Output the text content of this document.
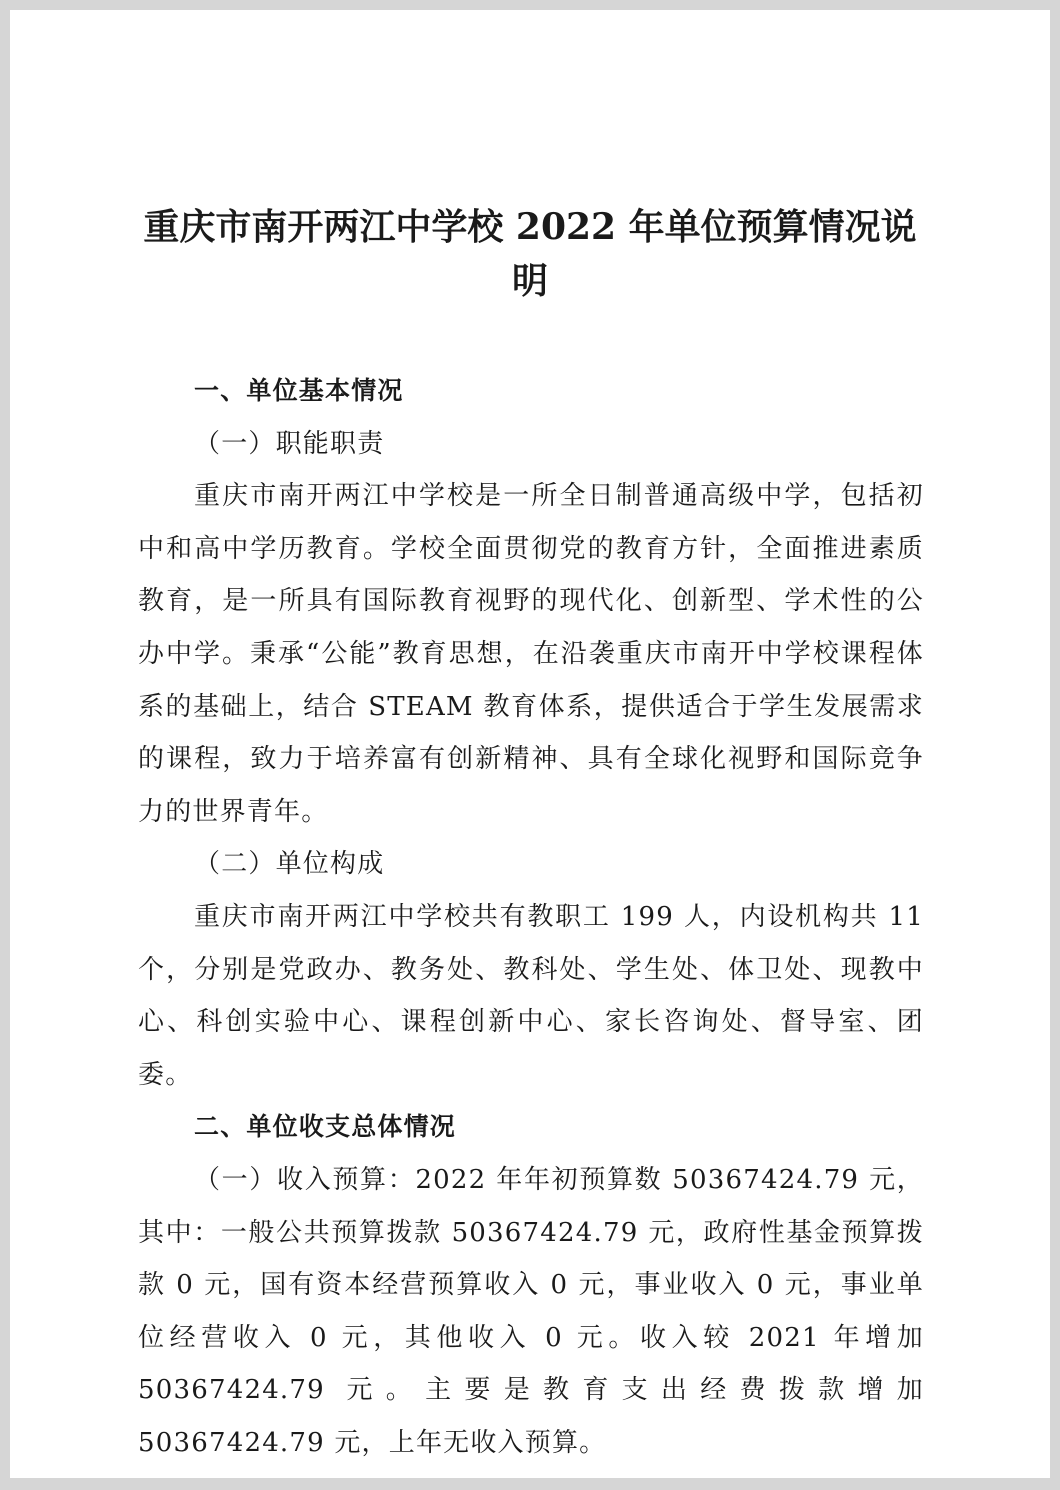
重庆市南开两江中学校 2022 年单位预算情况说明

一、单位基本情况

（一）职能职责

重庆市南开两江中学校是一所全日制普通高级中学，包括初中和高中学历教育。学校全面贯彻党的教育方针，全面推进素质教育，是一所具有国际教育视野的现代化、创新型、学术性的公办中学。秉承“公能”教育思想，在沿袭重庆市南开中学校课程体系的基础上，结合 STEAM 教育体系，提供适合于学生发展需求的课程，致力于培养富有创新精神、具有全球化视野和国际竞争力的世界青年。

（二）单位构成

重庆市南开两江中学校共有教职工 199 人，内设机构共 11 个，分别是党政办、教务处、教科处、学生处、体卫处、现教中心、科创实验中心、课程创新中心、家长咨询处、督导室、团委。

二、单位收支总体情况

（一）收入预算：2022 年年初预算数 50367424.79 元，其中：一般公共预算拨款 50367424.79 元，政府性基金预算拨款 0 元，国有资本经营预算收入 0 元，事业收入 0 元，事业单位经营收入 0 元，其他收入 0 元。收入较 2021 年增加 50367424.79 元。主要是教育支出经费拨款增加 50367424.79 元，上年无收入预算。
